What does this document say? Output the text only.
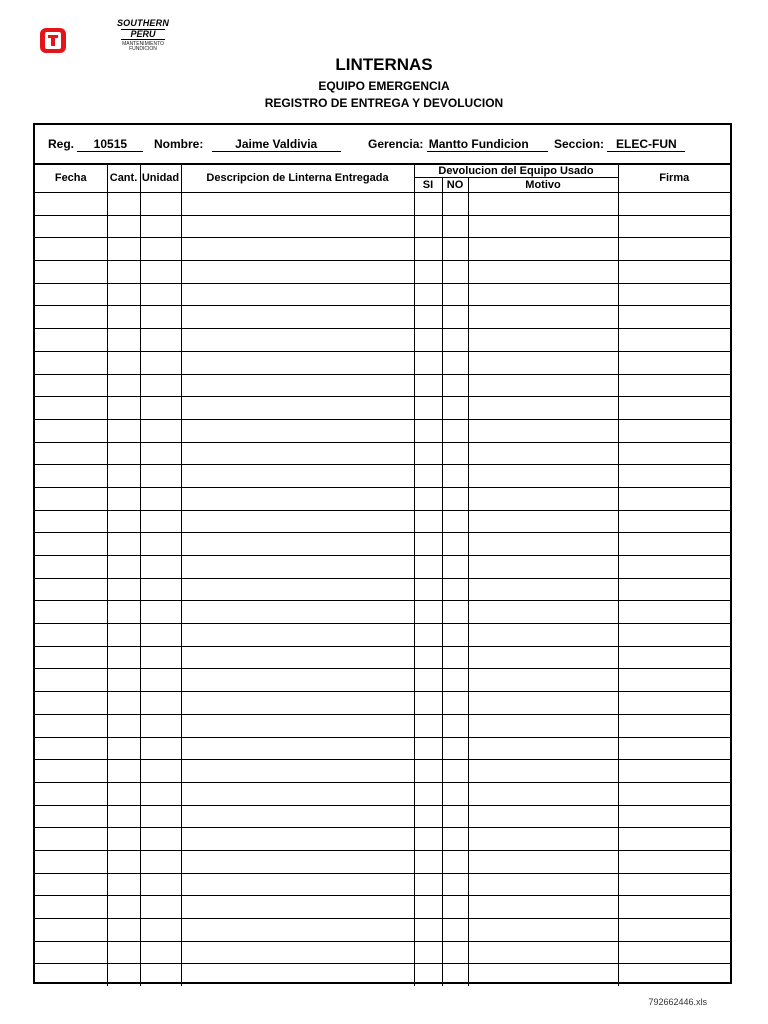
SOUTHERN
PERU
MANTENIMIENTO
FUNDICION
LINTERNAS
EQUIPO EMERGENCIA
REGISTRO DE ENTREGA Y DEVOLUCION
Reg. 10515	Nombre:	Jaime Valdivia	Gerencia: Mantto Fundicion	Seccion: ELEC-FUN
Fecha	Cant.	Unidad	Descripcion de Linterna Entregada	Devolucion del Equipo Usado			Firma
				SI	NO	Motivo	

792662446.xls
